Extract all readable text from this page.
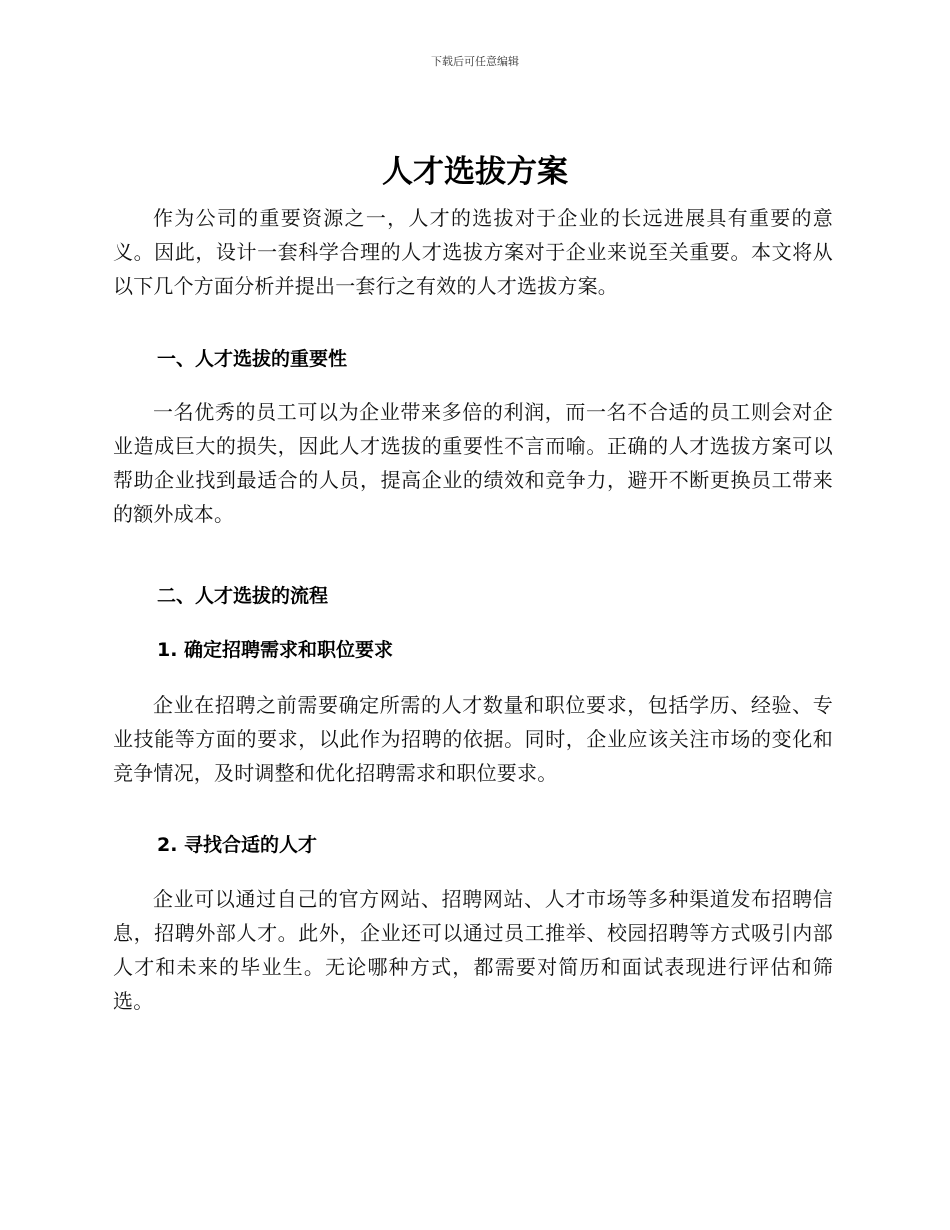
下载后可任意编辑
人才选拔方案

作为公司的重要资源之一，人才的选拔对于企业的长远进展具有重要的意义。因此，设计一套科学合理的人才选拔方案对于企业来说至关重要。本文将从以下几个方面分析并提出一套行之有效的人才选拔方案。

一、人才选拔的重要性

一名优秀的员工可以为企业带来多倍的利润，而一名不合适的员工则会对企业造成巨大的损失，因此人才选拔的重要性不言而喻。正确的人才选拔方案可以帮助企业找到最适合的人员，提高企业的绩效和竞争力，避开不断更换员工带来的额外成本。

二、人才选拔的流程
1. 确定招聘需求和职位要求

企业在招聘之前需要确定所需的人才数量和职位要求，包括学历、经验、专业技能等方面的要求，以此作为招聘的依据。同时，企业应该关注市场的变化和竞争情况，及时调整和优化招聘需求和职位要求。

2. 寻找合适的人才

企业可以通过自己的官方网站、招聘网站、人才市场等多种渠道发布招聘信息，招聘外部人才。此外，企业还可以通过员工推举、校园招聘等方式吸引内部人才和未来的毕业生。无论哪种方式，都需要对简历和面试表现进行评估和筛选。
